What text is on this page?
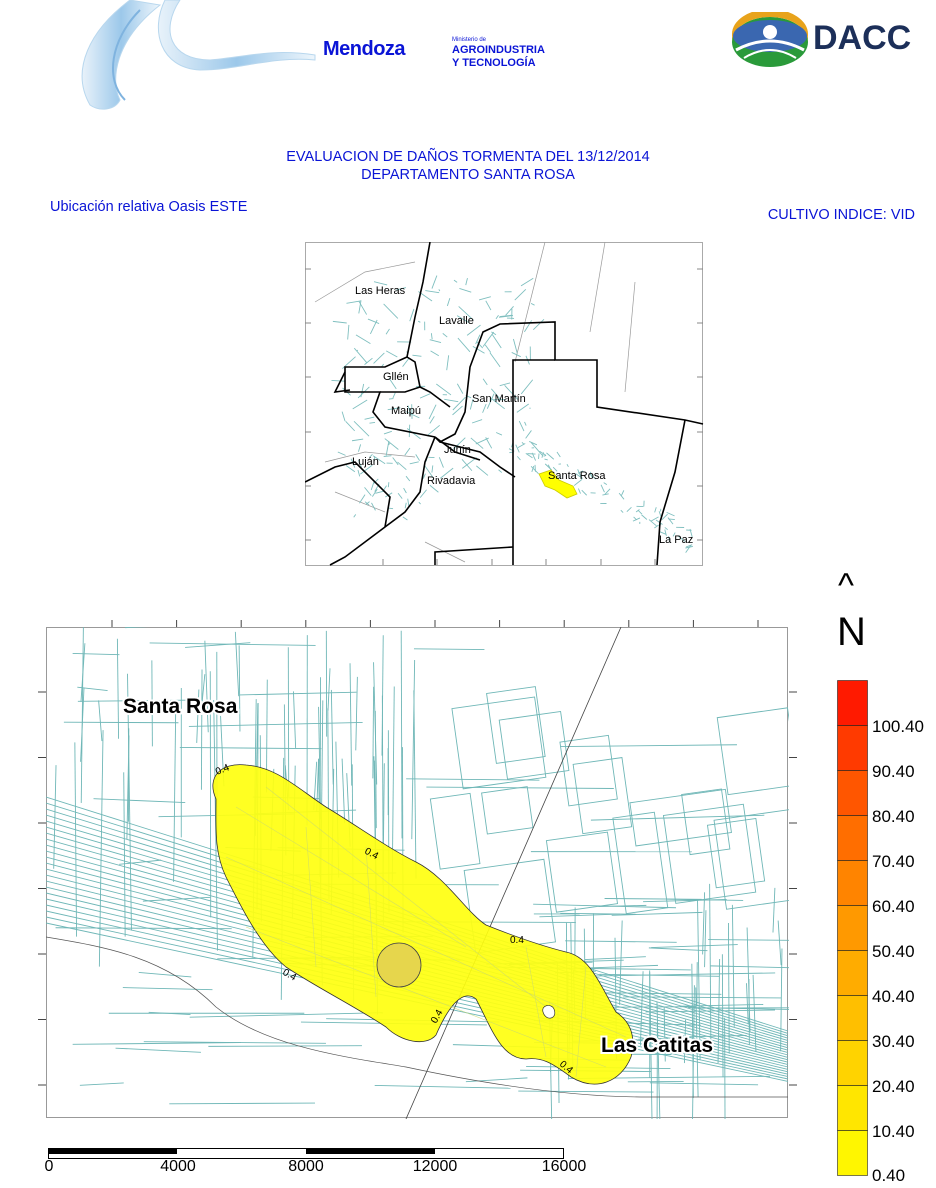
Mendoza	Ministerio de
AGROINDUSTRIA
Y TECNOLOGÍA
DACC
EVALUACION DE DAÑOS TORMENTA DEL 13/12/2014
DEPARTAMENTO SANTA ROSA
Ubicación relativa Oasis ESTE	CULTIVO INDICE: VID
Las Heras
Lavalle
Gllén
Maipú
San Martín
Junín
Luján
Rivadavia	Santa Rosa
La Paz
0.4
0.4
0.4
0.4
0.4
0.4
Santa Rosa
Las Catitas
^
N
100.40
90.40
80.40
70.40
60.40
50.40
40.40
30.40
20.40
10.40
0.40
0	4000	8000	12000	16000
